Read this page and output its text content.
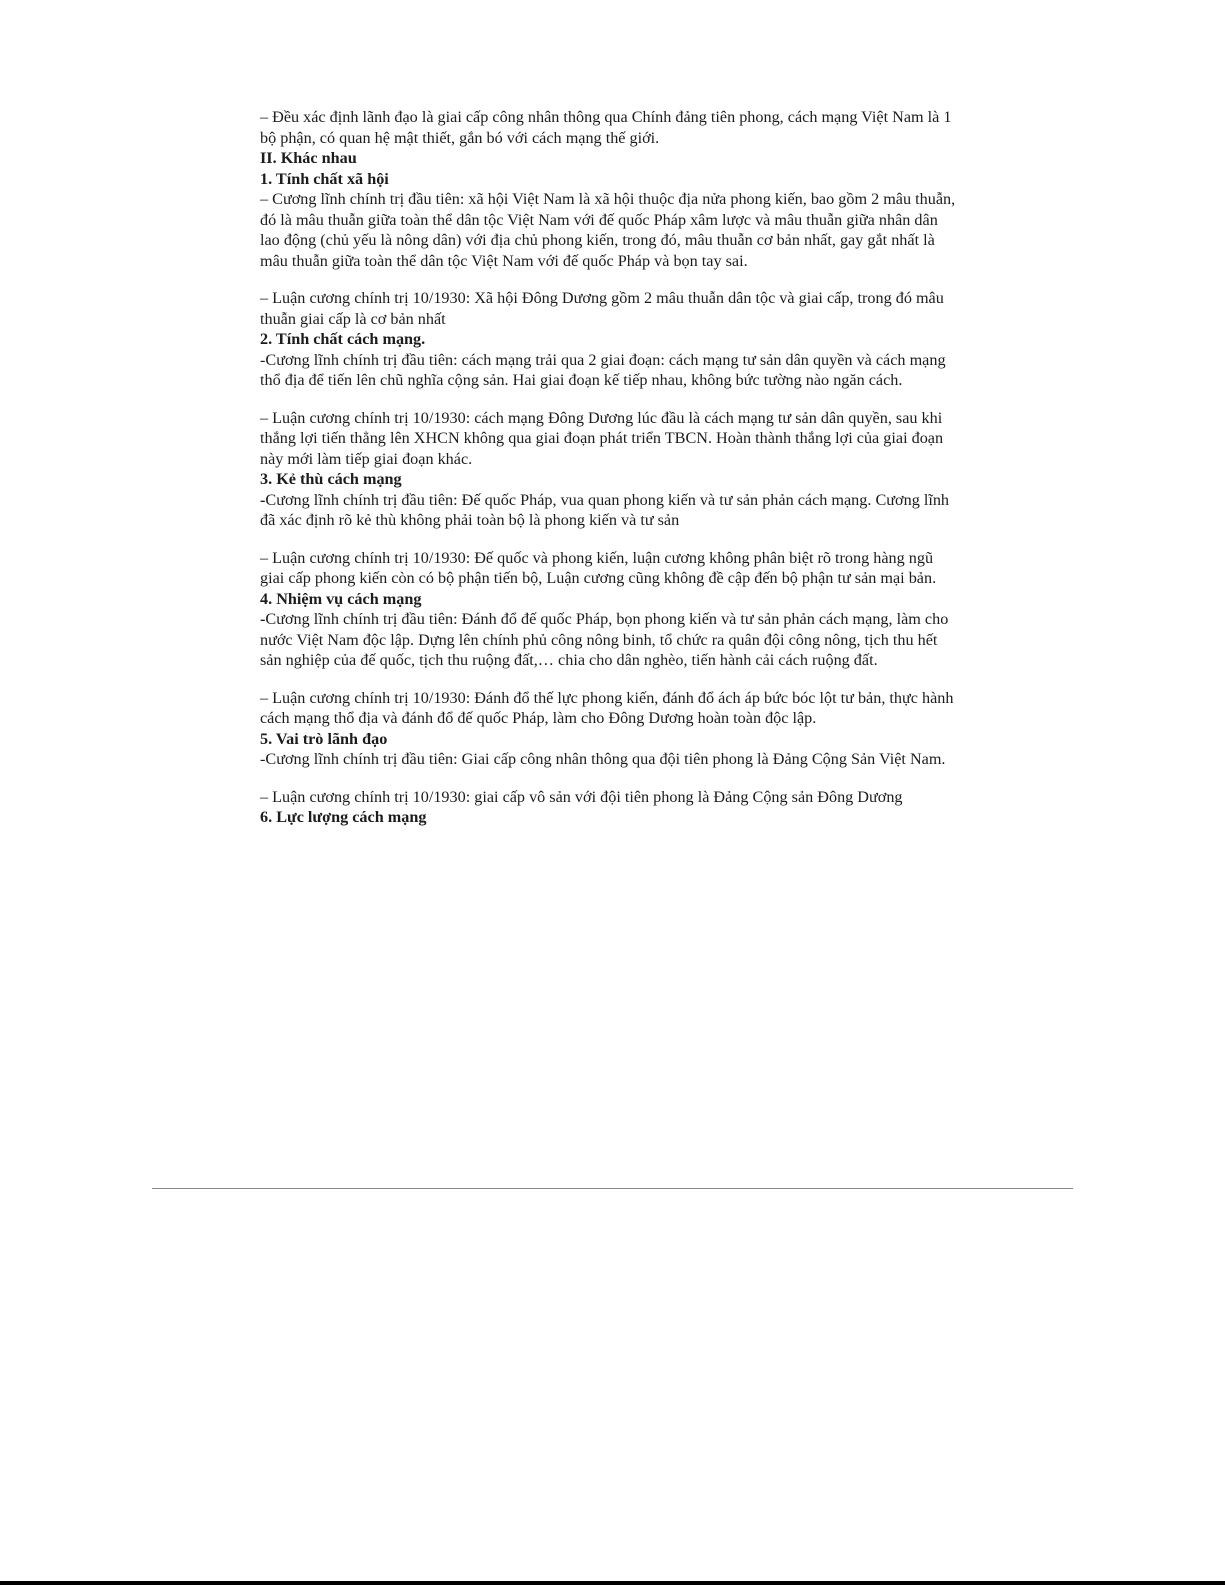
– Đều xác định lãnh đạo là giai cấp công nhân thông qua Chính đảng tiên phong, cách mạng Việt Nam là 1 bộ phận, có quan hệ mật thiết, gắn bó với cách mạng thế giới.

II. Khác nhau

1. Tính chất xã hội

– Cương lĩnh chính trị đầu tiên: xã hội Việt Nam là xã hội thuộc địa nửa phong kiến, bao gồm 2 mâu thuẫn, đó là mâu thuẫn giữa toàn thể dân tộc Việt Nam với đế quốc Pháp xâm lược và mâu thuẫn giữa nhân dân lao động (chủ yếu là nông dân) với địa chủ phong kiến, trong đó, mâu thuẫn cơ bản nhất, gay gắt nhất là mâu thuẫn giữa toàn thể dân tộc Việt Nam với đế quốc Pháp và bọn tay sai.

– Luận cương chính trị 10/1930: Xã hội Đông Dương gồm 2 mâu thuẫn dân tộc và giai cấp, trong đó mâu thuẫn giai cấp là cơ bản nhất

2. Tính chất cách mạng.

-Cương lĩnh chính trị đầu tiên: cách mạng trải qua 2 giai đoạn: cách mạng tư sản dân quyền và cách mạng thổ địa để tiến lên chũ nghĩa cộng sản. Hai giai đoạn kế tiếp nhau, không bức tường nào ngăn cách.

– Luận cương chính trị 10/1930: cách mạng Đông Dương lúc đầu là cách mạng tư sản dân quyền, sau khi thắng lợi tiến thẳng lên XHCN không qua giai đoạn phát triển TBCN. Hoàn thành thắng lợi của giai đoạn này mới làm tiếp giai đoạn khác.

3. Kẻ thù cách mạng

-Cương lĩnh chính trị đầu tiên: Đế quốc Pháp, vua quan phong kiến và tư sản phản cách mạng. Cương lĩnh đã xác định rõ kẻ thù không phải toàn bộ là phong kiến và tư sản

– Luận cương chính trị 10/1930: Đế quốc và phong kiến, luận cương không phân biệt rõ trong hàng ngũ giai cấp phong kiến còn có bộ phận tiến bộ, Luận cương cũng không đề cập đến bộ phận tư sản mại bản.

4. Nhiệm vụ cách mạng

-Cương lĩnh chính trị đầu tiên: Đánh đổ đế quốc Pháp, bọn phong kiến và tư sản phản cách mạng, làm cho nước Việt Nam độc lập. Dựng lên chính phủ công nông binh, tổ chức ra quân đội công nông, tịch thu hết sản nghiệp của đế quốc, tịch thu ruộng đất,… chia cho dân nghèo, tiến hành cải cách ruộng đất.

– Luận cương chính trị 10/1930: Đánh đổ thế lực phong kiến, đánh đổ ách áp bức bóc lột tư bản, thực hành cách mạng thổ địa và đánh đổ đế quốc Pháp, làm cho Đông Dương hoàn toàn độc lập.

5. Vai trò lãnh đạo

-Cương lĩnh chính trị đầu tiên: Giai cấp công nhân thông qua đội tiên phong là Đảng Cộng Sản Việt Nam.

– Luận cương chính trị 10/1930: giai cấp vô sản với đội tiên phong là Đảng Cộng sản Đông Dương

6. Lực lượng cách mạng
